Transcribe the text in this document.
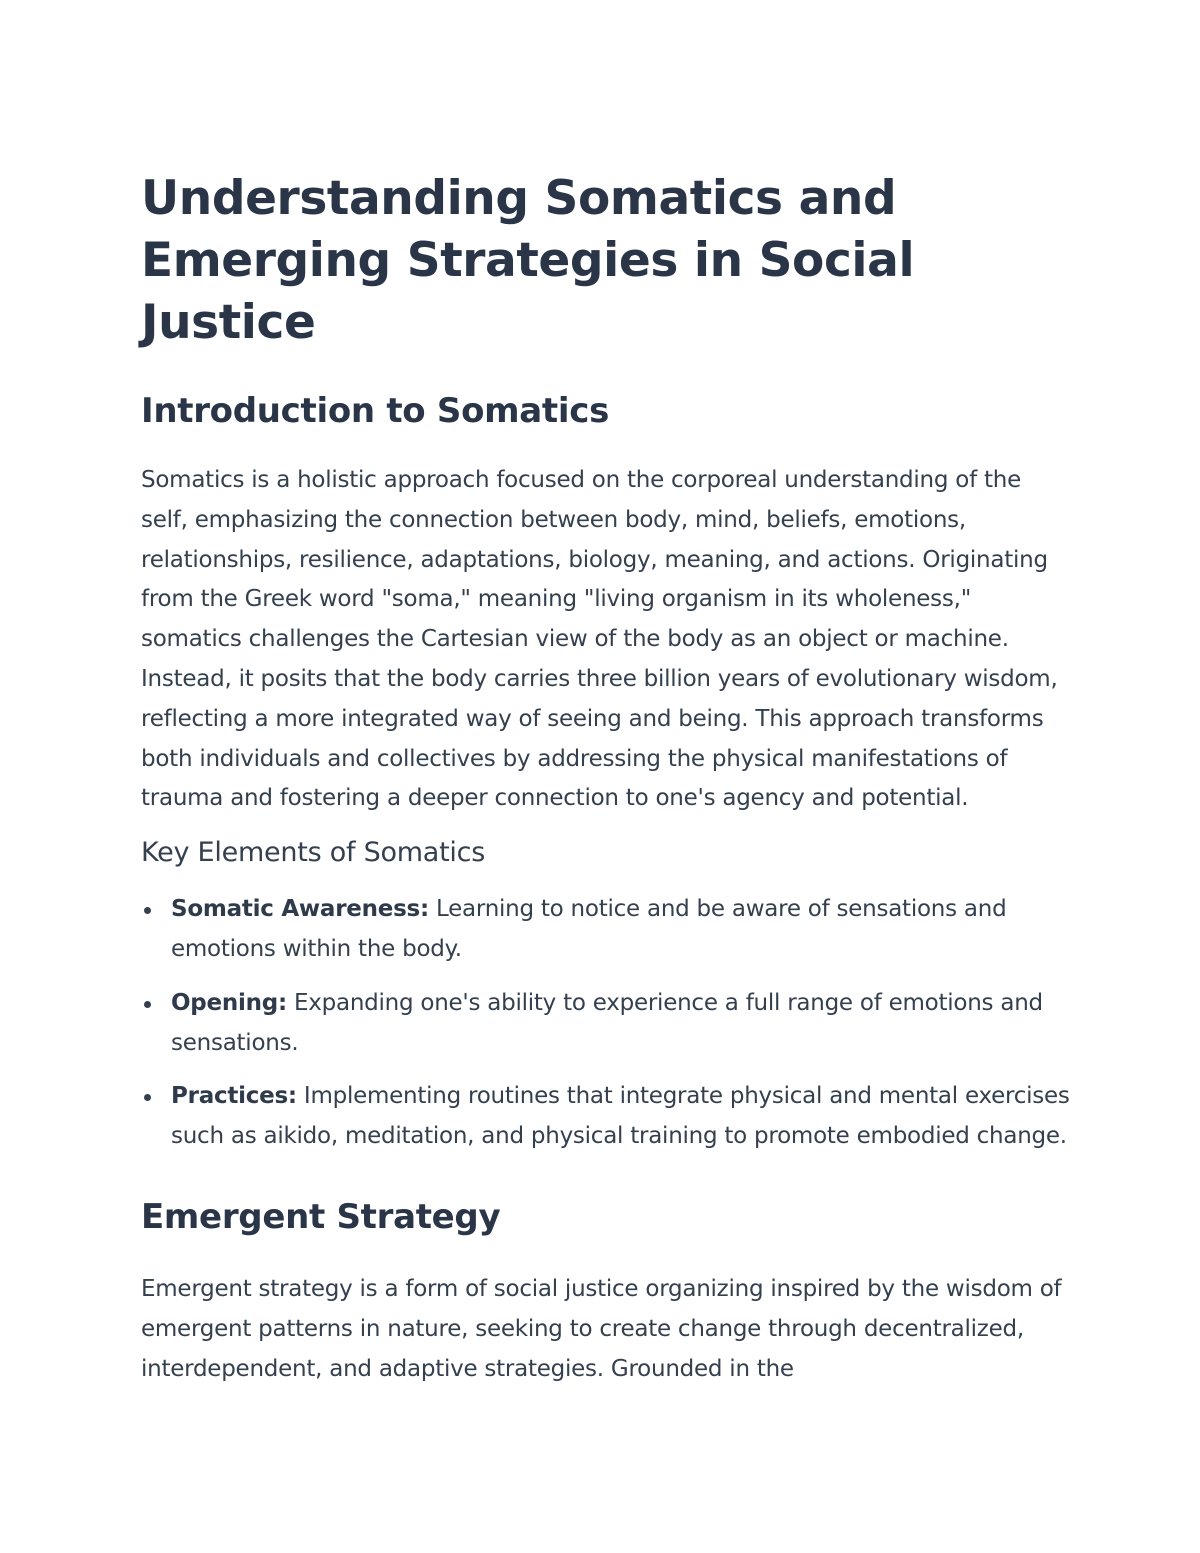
Understanding Somatics and Emerging Strategies in Social Justice
Introduction to Somatics

Somatics is a holistic approach focused on the corporeal understanding of the self, emphasizing the connection between body, mind, beliefs, emotions, relationships, resilience, adaptations, biology, meaning, and actions. Originating from the Greek word "soma," meaning "living organism in its wholeness," somatics challenges the Cartesian view of the body as an object or machine. Instead, it posits that the body carries three billion years of evolutionary wisdom, reflecting a more integrated way of seeing and being. This approach transforms both individuals and collectives by addressing the physical manifestations of trauma and fostering a deeper connection to one's agency and potential.

Key Elements of Somatics
Somatic Awareness: Learning to notice and be aware of sensations and emotions within the body.
Opening: Expanding one's ability to experience a full range of emotions and sensations.
Practices: Implementing routines that integrate physical and mental exercises such as aikido, meditation, and physical training to promote embodied change.
Emergent Strategy

Emergent strategy is a form of social justice organizing inspired by the wisdom of emergent patterns in nature, seeking to create change through decentralized, interdependent, and adaptive strategies. Grounded in the
